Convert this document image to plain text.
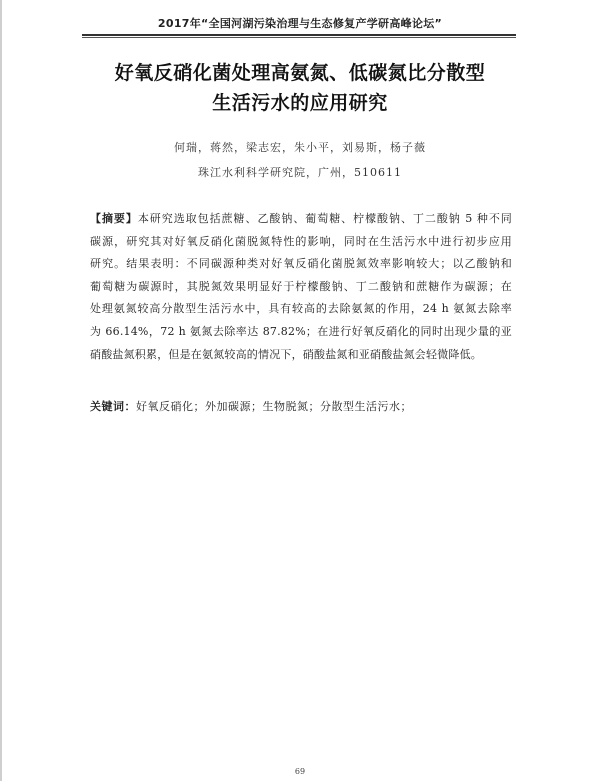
2017年“全国河湖污染治理与生态修复产学研高峰论坛”
好氧反硝化菌处理高氨氮、低碳氮比分散型
生活污水的应用研究
何瑞，蒋然，梁志宏，朱小平，刘易斯，杨子薇
珠江水利科学研究院，广州，510611
【摘要】本研究选取包括蔗糖、乙酸钠、葡萄糖、柠檬酸钠、丁二酸钠 5 种不同
碳源，研究其对好氧反硝化菌脱氮特性的影响，同时在生活污水中进行初步应用
研究。结果表明：不同碳源种类对好氧反硝化菌脱氮效率影响较大；以乙酸钠和
葡萄糖为碳源时，其脱氮效果明显好于柠檬酸钠、丁二酸钠和蔗糖作为碳源；在
处理氨氮较高分散型生活污水中，具有较高的去除氨氮的作用，24 h 氨氮去除率
为 66.14%，72 h 氨氮去除率达 87.82%；在进行好氧反硝化的同时出现少量的亚
硝酸盐氮积累，但是在氨氮较高的情况下，硝酸盐氮和亚硝酸盐氮会轻微降低。
关键词：好氧反硝化；外加碳源；生物脱氮；分散型生活污水；
69
